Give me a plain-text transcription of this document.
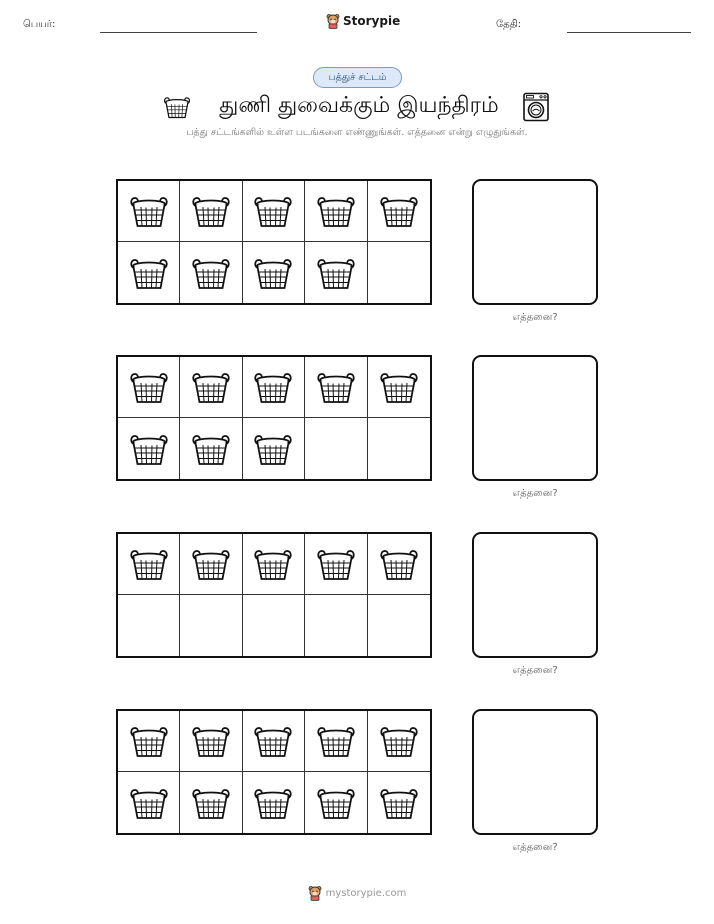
பெயர்:	Storypie	தேதி:
பத்துச் சட்டம்
துணி துவைக்கும் இயந்திரம்
பத்து சட்டங்களில் உள்ள படங்களை எண்ணுங்கள். எத்தனை என்று எழுதுங்கள்.
எத்தனை?
எத்தனை?
எத்தனை?
எத்தனை?
mystorypie.com
